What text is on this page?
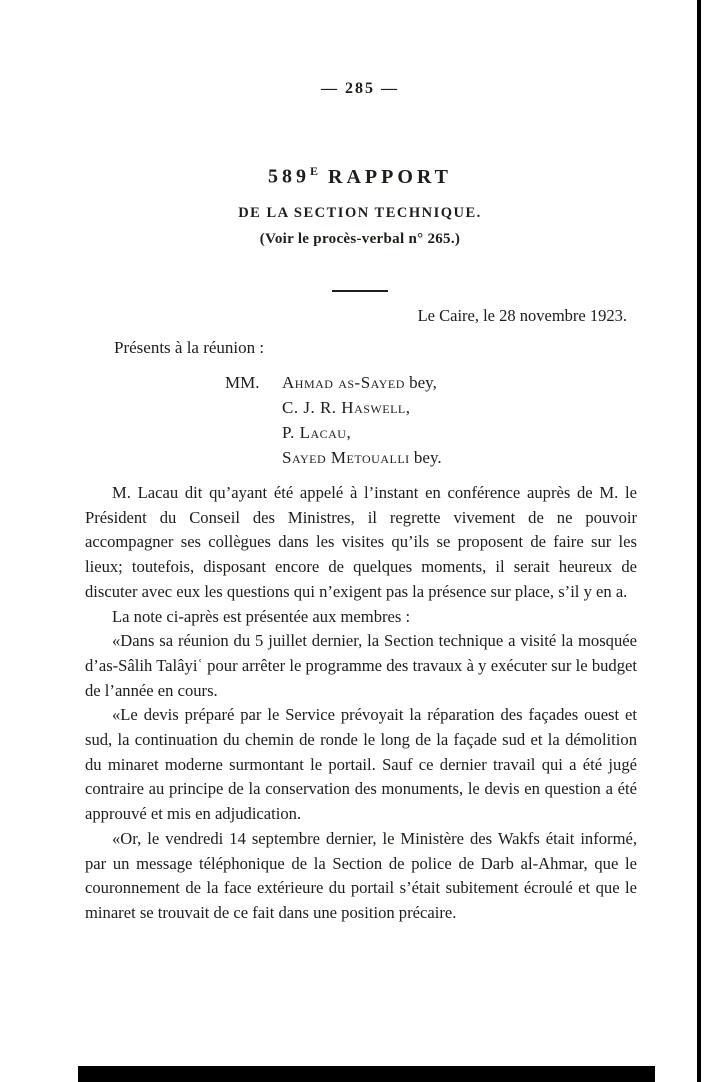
— 285 —
$589^E$ RAPPORT
DE LA SECTION TECHNIQUE.
(Voir le procès-verbal n° 265.)
Le Caire, le 28 novembre 1923.
Présents à la réunion :
MM. Ahmad as-Sayed bey,
C. J. R. Haswell,
P. Lacau,
Sayed Metoualli bey.

M. Lacau dit qu’ayant été appelé à l’instant en conférence auprès de M. le Président du Conseil des Ministres, il regrette vivement de ne pouvoir accompagner ses collègues dans les visites qu’ils se proposent de faire sur les lieux; toutefois, disposant encore de quelques moments, il serait heureux de discuter avec eux les questions qui n’exigent pas la présence sur place, s’il y en a.

La note ci-après est présentée aux membres :

«Dans sa réunion du 5 juillet dernier, la Section technique a visité la mosquée d’as-Sâlih Talâyiʿ pour arrêter le programme des travaux à y exécuter sur le budget de l’année en cours.

«Le devis préparé par le Service prévoyait la réparation des façades ouest et sud, la continuation du chemin de ronde le long de la façade sud et la démolition du minaret moderne surmontant le portail. Sauf ce dernier travail qui a été jugé contraire au principe de la conservation des monuments, le devis en question a été approuvé et mis en adjudication.

«Or, le vendredi 14 septembre dernier, le Ministère des Wakfs était informé, par un message téléphonique de la Section de police de Darb al-Ahmar, que le couronnement de la face extérieure du portail s’était subitement écroulé et que le minaret se trouvait de ce fait dans une position précaire.
